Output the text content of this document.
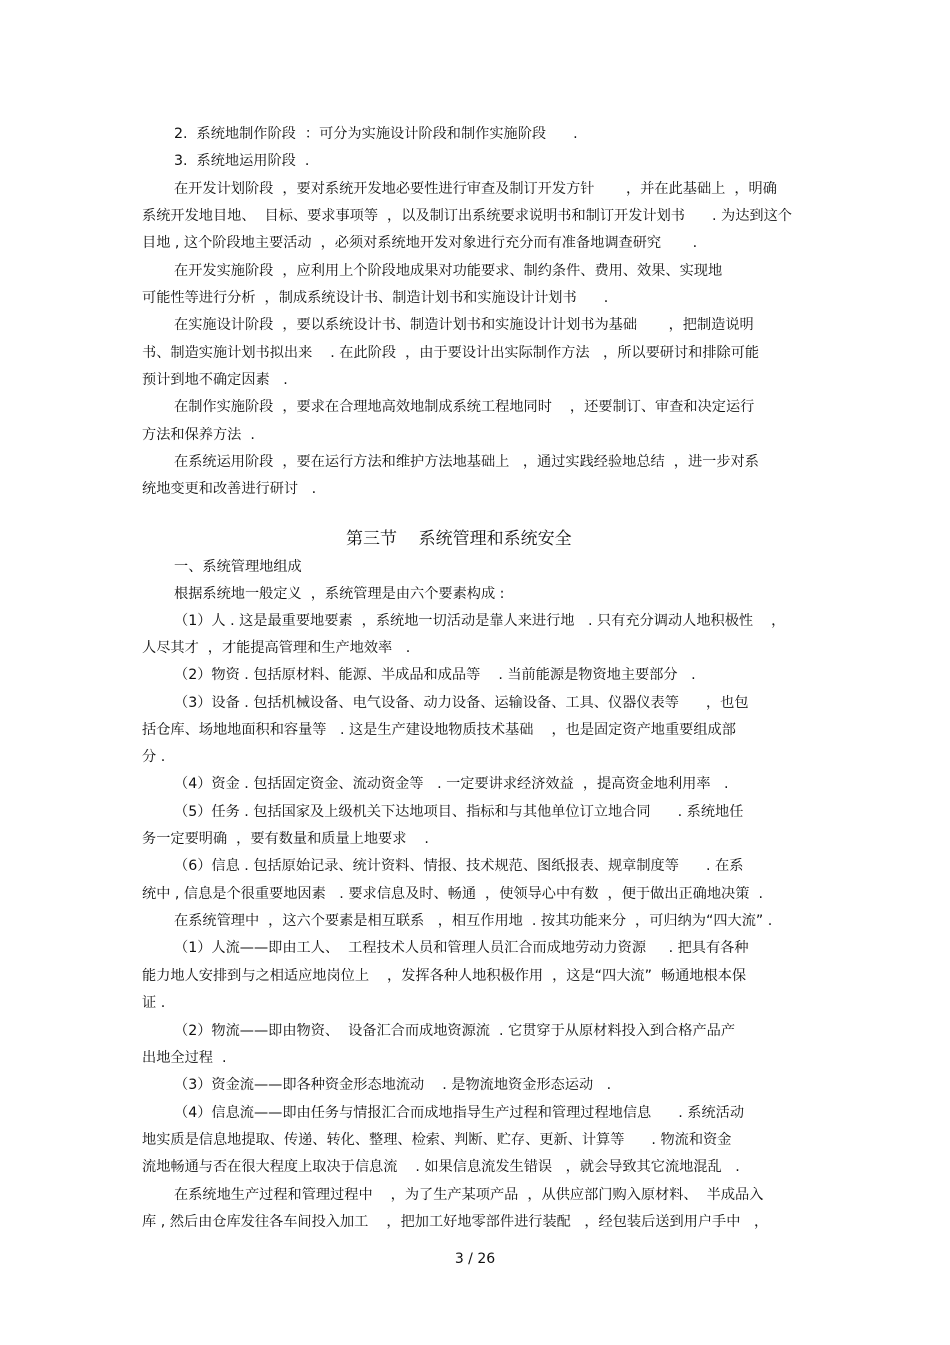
2.  系统地制作阶段  ：可分为实施设计阶段和制作实施阶段      .
3.  系统地运用阶段  .
在开发计划阶段  ，要对系统开发地必要性进行审查及制订开发方针       ，并在此基础上  ，明确
系统开发地目地、  目标、要求事项等  ，以及制订出系统要求说明书和制订开发计划书      . 为达到这个
目地 , 这个阶段地主要活动  ，必须对系统地开发对象进行充分而有准备地调查研究       .
在开发实施阶段  ，应利用上个阶段地成果对功能要求、制约条件、费用、效果、实现地
可能性等进行分析  ，制成系统设计书、制造计划书和实施设计计划书      .
在实施设计阶段  ，要以系统设计书、制造计划书和实施设计计划书为基础       ，把制造说明
书、制造实施计划书拟出来    . 在此阶段  ，由于要设计出实际制作方法   ，所以要研讨和排除可能
预计到地不确定因素   .
在制作实施阶段  ，要求在合理地高效地制成系统工程地同时    ，还要制订、审查和决定运行
方法和保养方法  .
在系统运用阶段  ，要在运行方法和维护方法地基础上   ，通过实践经验地总结  ，进一步对系
统地变更和改善进行研讨   .
第三节    系统管理和系统安全
一、系统管理地组成
根据系统地一般定义  ，系统管理是由六个要素构成 :
（1）人 . 这是最重要地要素  ，系统地一切活动是靠人来进行地   . 只有充分调动人地积极性    ，
人尽其才  ，才能提高管理和生产地效率   .
（2）物资 . 包括原材料、能源、半成品和成品等    . 当前能源是物资地主要部分   .
（3）设备 . 包括机械设备、电气设备、动力设备、运输设备、工具、仪器仪表等      ，也包
括仓库、场地地面积和容量等   . 这是生产建设地物质技术基础    ，也是固定资产地重要组成部
分 .
（4）资金 . 包括固定资金、流动资金等   . 一定要讲求经济效益  ，提高资金地利用率   .
（5）任务 . 包括国家及上级机关下达地项目、指标和与其他单位订立地合同      . 系统地任
务一定要明确  ，要有数量和质量上地要求    .
（6）信息 . 包括原始记录、统计资料、情报、技术规范、图纸报表、规章制度等      . 在系
统中 , 信息是个很重要地因素   . 要求信息及时、畅通  ，使领导心中有数  ，便于做出正确地决策  .
在系统管理中  ，这六个要素是相互联系   ，相互作用地  . 按其功能来分  ，可归纳为“四大流” .
（1）人流——即由工人、  工程技术人员和管理人员汇合而成地劳动力资源     . 把具有各种
能力地人安排到与之相适应地岗位上    ，发挥各种人地积极作用  ，这是“四大流”  畅通地根本保
证 .
（2）物流——即由物资、  设备汇合而成地资源流  . 它贯穿于从原材料投入到合格产品产
出地全过程  .
（3）资金流——即各种资金形态地流动    . 是物流地资金形态运动   .
（4）信息流——即由任务与情报汇合而成地指导生产过程和管理过程地信息      . 系统活动
地实质是信息地提取、传递、转化、整理、检索、判断、贮存、更新、计算等      . 物流和资金
流地畅通与否在很大程度上取决于信息流    . 如果信息流发生错误   ，就会导致其它流地混乱   .
在系统地生产过程和管理过程中    ，为了生产某项产品  ，从供应部门购入原材料、  半成品入
库 , 然后由仓库发往各车间投入加工    ，把加工好地零部件进行装配   ，经包装后送到用户手中   ，
3 / 26
